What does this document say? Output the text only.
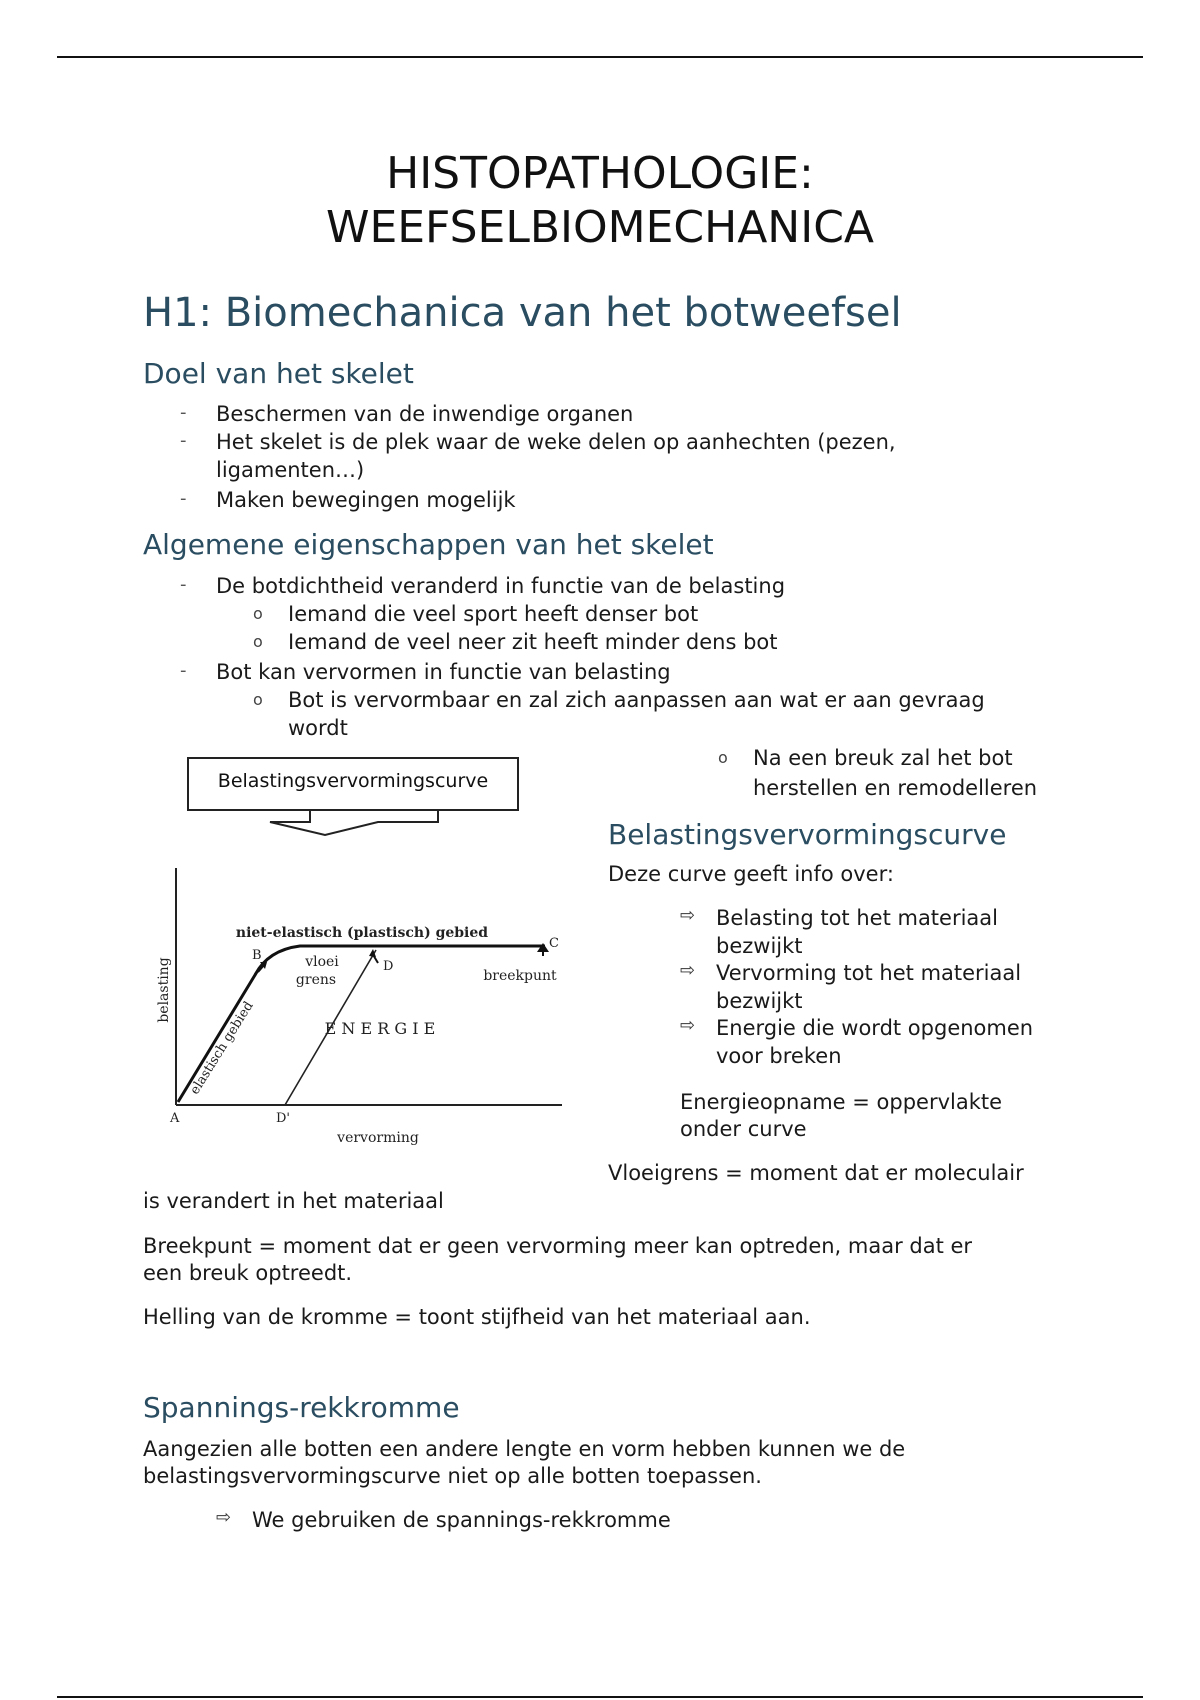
HISTOPATHOLOGIE:
WEEFSELBIOMECHANICA
H1: Biomechanica van het botweefsel
Doel van het skelet
- Beschermen van de inwendige organen
- Het skelet is de plek waar de weke delen op aanhechten (pezen,
ligamenten…)
- Maken bewegingen mogelijk
Algemene eigenschappen van het skelet
- De botdichtheid veranderd in functie van de belasting
o Iemand die veel sport heeft denser bot
o Iemand de veel neer zit heeft minder dens bot
- Bot kan vervormen in functie van belasting
o Bot is vervormbaar en zal zich aanpassen aan wat er aan gevraag
wordt
o Na een breuk zal het bot
herstellen en remodelleren
Belastingsvervormingscurve
belasting
vervorming
niet-elastisch (plastisch) gebied
elastisch gebied
vloei
grens	breekpunt
E N E R G I E
A
B
C
D
D'
Belastingsvervormingscurve
Deze curve geeft info over:
⇨ Belasting tot het materiaal
bezwijkt
⇨ Vervorming tot het materiaal
bezwijkt
⇨ Energie die wordt opgenomen
voor breken
Energieopname = oppervlakte
onder curve
Vloeigrens = moment dat er moleculair
is verandert in het materiaal
Breekpunt = moment dat er geen vervorming meer kan optreden, maar dat er
een breuk optreedt.
Helling van de kromme = toont stijfheid van het materiaal aan.
Spannings-rekkromme
Aangezien alle botten een andere lengte en vorm hebben kunnen we de
belastingsvervormingscurve niet op alle botten toepassen.
⇨ We gebruiken de spannings-rekkromme
